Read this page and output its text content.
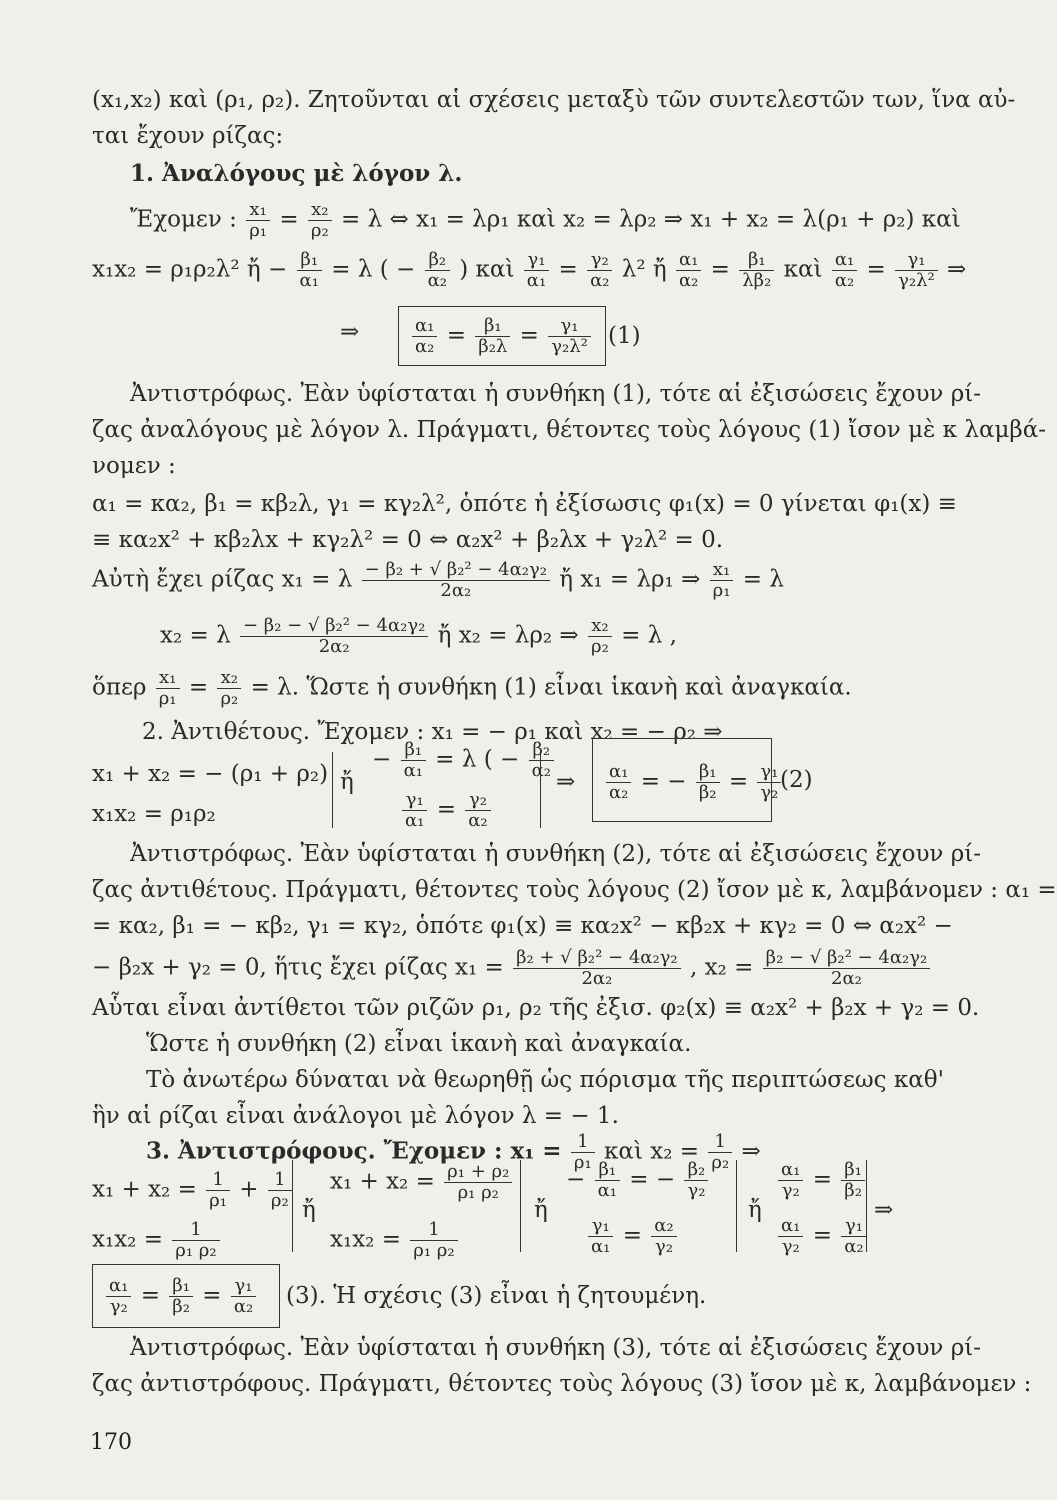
(x₁,x₂) καὶ (ρ₁, ρ₂). Ζητοῦνται αἱ σχέσεις μεταξὺ τῶν συντελεστῶν των, ἵνα αὐ-
ται ἔχουν ρίζας:
1. Ἀναλόγους μὲ λόγον λ.
Ἔχομεν : $\frac{\text{x₁}}{\text{ρ₁}} = \frac{\text{x₂}}{\text{ρ₂}} = \lambda$ ⇔ x₁ = λρ₁ καὶ x₂ = λρ₂ ⇒ x₁ + x₂ = λ(ρ₁ + ρ₂) καὶ
x₁x₂ = ρ₁ρ₂λ² ἤ − $\frac{\text{β₁}}{\text{α₁}} = \lambda$ ( − $\frac{\text{β₂}}{\text{α₂}}$ ) καὶ $\frac{\text{γ₁}}{\text{α₁}} = \frac{\text{γ₂}}{\text{α₂}} \lambda^2$ ἤ $\frac{\text{α₁}}{\text{α₂}} = \frac{\text{β₁}}{\text{λβ₂}}$ καὶ $\frac{\text{α₁}}{\text{α₂}} = \frac{\text{γ₁}}{\text{γ₂λ²}}$ ⇒
⇒	$\frac{\text{α₁}}{\text{α₂}} = \frac{\text{β₁}}{\text{β₂λ}} = \frac{\text{γ₁}}{\text{γ₂λ²}} (1)$
Ἀντιστρόφως. Ἐὰν ὑφίσταται ἡ συνθήκη (1), τότε αἱ ἐξισώσεις ἔχουν ρί-
ζας ἀναλόγους μὲ λόγον λ. Πράγματι, θέτοντες τοὺς λόγους (1) ἴσον μὲ κ λαμβά-
νομεν :
α₁ = κα₂, β₁ = κβ₂λ, γ₁ = κγ₂λ², ὁπότε ἡ ἐξίσωσις φ₁(x) = 0 γίνεται φ₁(x) ≡
≡ κα₂x² + κβ₂λx + κγ₂λ² = 0 ⇔ α₂x² + β₂λx + γ₂λ² = 0.
Αὐτὴ ἔχει ρίζας x₁ = λ $\frac{\text{− β₂ + √ β₂² − 4α₂γ₂}}{\text{2α₂}}$ ἤ x₁ = λρ₁ ⇒ $\frac{\text{x₁}}{\text{ρ₁}} = \lambda$
x₂ = λ $\frac{\text{− β₂ − √ β₂² − 4α₂γ₂}}{\text{2α₂}}$ ἤ x₂ = λρ₂ ⇒ $\frac{\text{x₂}}{\text{ρ₂}} = \lambda$ ,
ὅπερ $\frac{\text{x₁}}{\text{ρ₁}} = \frac{\text{x₂}}{\text{ρ₂}} = \lambda$. Ὥστε ἡ συνθήκη (1) εἶναι ἱκανὴ καὶ ἀναγκαία.
2. Ἀντιθέτους. Ἔχομεν : x₁ = − ρ₁ καὶ x₂ = − ρ₂ ⇒
x₁ + x₂ = − (ρ₁ + ρ₂)
x₁x₂ = ρ₁ρ₂
ἤ
− $\frac{\text{β₁}}{\text{α₁}} = \lambda$ ( − $\frac{\text{β₂}}{\text{α₂}}$
$\frac{\text{γ₁}}{\text{α₁}} = \frac{\text{γ₂}}{\text{α₂}}$
⇒ $\frac{\text{α₁}}{\text{α₂}}$ = − $\frac{\text{β₁}}{\text{β₂}} = \frac{\text{γ₁}}{\text{γ₂}}$
(2)
Ἀντιστρόφως. Ἐὰν ὑφίσταται ἡ συνθήκη (2), τότε αἱ ἐξισώσεις ἔχουν ρί-
ζας ἀντιθέτους. Πράγματι, θέτοντες τοὺς λόγους (2) ἴσον μὲ κ, λαμβάνομεν : α₁ =
= κα₂, β₁ = − κβ₂, γ₁ = κγ₂, ὁπότε φ₁(x) ≡ κα₂x² − κβ₂x + κγ₂ = 0 ⇔ α₂x² −
− β₂x + γ₂ = 0, ἥτις ἔχει ρίζας $x_1 = \frac{\text{β₂ + √ β₂² − 4α₂γ₂}}{\text{2α₂}}$ , $x_2 = \frac{\text{β₂ − √ β₂² − 4α₂γ₂}}{\text{2α₂}}$
Αὗται εἶναι ἀντίθετοι τῶν ριζῶν ρ₁, ρ₂ τῆς ἐξισ. φ₂(x) ≡ α₂x² + β₂x + γ₂ = 0.
Ὥστε ἡ συνθήκη (2) εἶναι ἱκανὴ καὶ ἀναγκαία.
Τὸ ἀνωτέρω δύναται νὰ θεωρηθῇ ὡς πόρισμα τῆς περιπτώσεως καθ'
ἣν αἱ ρίζαι εἶναι ἀνάλογοι μὲ λόγον λ = − 1.
3. Ἀντιστρόφους. Ἔχομεν : $x_1 = \frac{1}{\text{ρ₁}}$ καὶ $x_2 = \frac{1}{\text{ρ₂}}$ ⇒
$x_1 + x_2 = \frac{1}{\text{ρ₁}} + \frac{1}{\text{ρ₂}}$
$x_1x_2 = \frac{1}{\text{ρ₁ ρ₂}}$
ἤ
$x_1 + x_2 = \frac{\text{ρ₁ + ρ₂}}{\text{ρ₁ ρ₂}}$
$x_1x_2 = \frac{1}{\text{ρ₁ ρ₂}}$
ἤ
− $\frac{\text{β₁}}{\text{α₁}}$ = − $\frac{\text{β₂}}{\text{γ₂}}$
$\frac{\text{γ₁}}{\text{α₁}} = \frac{\text{α₂}}{\text{γ₂}}$
ἤ
$\frac{\text{α₁}}{\text{γ₂}} = \frac{\text{β₁}}{\text{β₂}}$
$\frac{\text{α₁}}{\text{γ₂}} = \frac{\text{γ₁}}{\text{α₂}}$
⇒
$\frac{\text{α₁}}{\text{γ₂}} = \frac{\text{β₁}}{\text{β₂}} = \frac{\text{γ₁}}{\text{α₂}} (3)$. Ἡ σχέσις (3) εἶναι ἡ ζητουμένη.
Ἀντιστρόφως. Ἐὰν ὑφίσταται ἡ συνθήκη (3), τότε αἱ ἐξισώσεις ἔχουν ρί-
ζας ἀντιστρόφους. Πράγματι, θέτοντες τοὺς λόγους (3) ἴσον μὲ κ, λαμβάνομεν :
170
